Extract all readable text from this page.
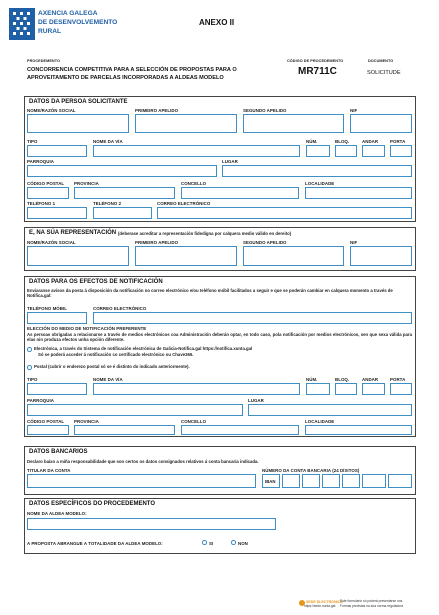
AXENCIA GALEGA
DE DESENVOLVEMENTO
RURAL
ANEXO II
PROCEDEMENTO
CONCORRENCIA COMPETITIVA PARA A SELECCIÓN DE PROPOSTAS PARA O APROVEITAMENTO DE PARCELAS INCORPORADAS A ALDEAS MODELO
CÓDIGO DE PROCEDEMENTO
MR711C
DOCUMENTO
SOLICITUDE
DATOS DA PERSOA SOLICITANTE
NOME/RAZÓN SOCIAL	PRIMEIRO APELIDO	SEGUNDO APELIDO	NIF
TIPO	NOME DA VÍA	NÚM.	BLOQ.	ANDAR	PORTA
PARROQUIA	LUGAR
CÓDIGO POSTAL PROVINCIA	CONCELLO	LOCALIDADE
TELÉFONO 1	TELÉFONO 2	CORREO ELECTRÓNICO
E, NA SÚA REPRESENTACIÓN (deberase acreditar a representación fidedigna por calquera medio válido en dereito)
NOME/RAZÓN SOCIAL	PRIMEIRO APELIDO	SEGUNDO APELIDO	NIF
DATOS PARA OS EFECTOS DE NOTIFICACIÓN
Enviaranse avisos da posta á disposición da notificación no correo electrónico e/ou teléfono móbil facilitados a seguir e que se poderán cambiar en calquera momento a través de Notifica.gal:
TELÉFONO MÓBIL	CORREO ELECTRÓNICO
ELECCIÓN DO MEDIO DE NOTIFICACIÓN PREFERENTE
As persoas obrigadas a relacionarse a través de medios electrónicos coa Administración deberán optar, en todo caso, pola notificación por medios electrónicos, sen que sexa válida para elas nin produza efectos unha opción diferente.
Electrónica, a través do Sistema de notificación electrónica de Galicia-Notifica.gal https://notifica.xunta.gal
Só se poderá acceder á notificación co certificado electrónico ou Chave365.
Postal (cubrir o enderezo postal só se é distinto do indicado anteriormente).
TIPO	NOME DA VÍA	NÚM.	BLOQ.	ANDAR	PORTA
PARROQUIA	LUGAR
CÓDIGO POSTAL PROVINCIA	CONCELLO	LOCALIDADE
DATOS BANCARIOS
Declaro baixo a miña responsabilidade que son certos os datos consignados relativos á conta bancaria indicada.
TITULAR DA CONTA	NÚMERO DA CONTA BANCARIA (24 DÍXITOS)
IBAN
DATOS ESPECÍFICOS DO PROCEDEMENTO
NOME DA ALDEA MODELO:
A PROPOSTA ABRANGUE A TOTALIDADE DA ALDEA MODELO:	SI	NON
SEDE ELECTRÓNICA
Este formulario só poderá presentarse nos
https://sede.xunta.gal Formas previstas na súa norma reguladora
